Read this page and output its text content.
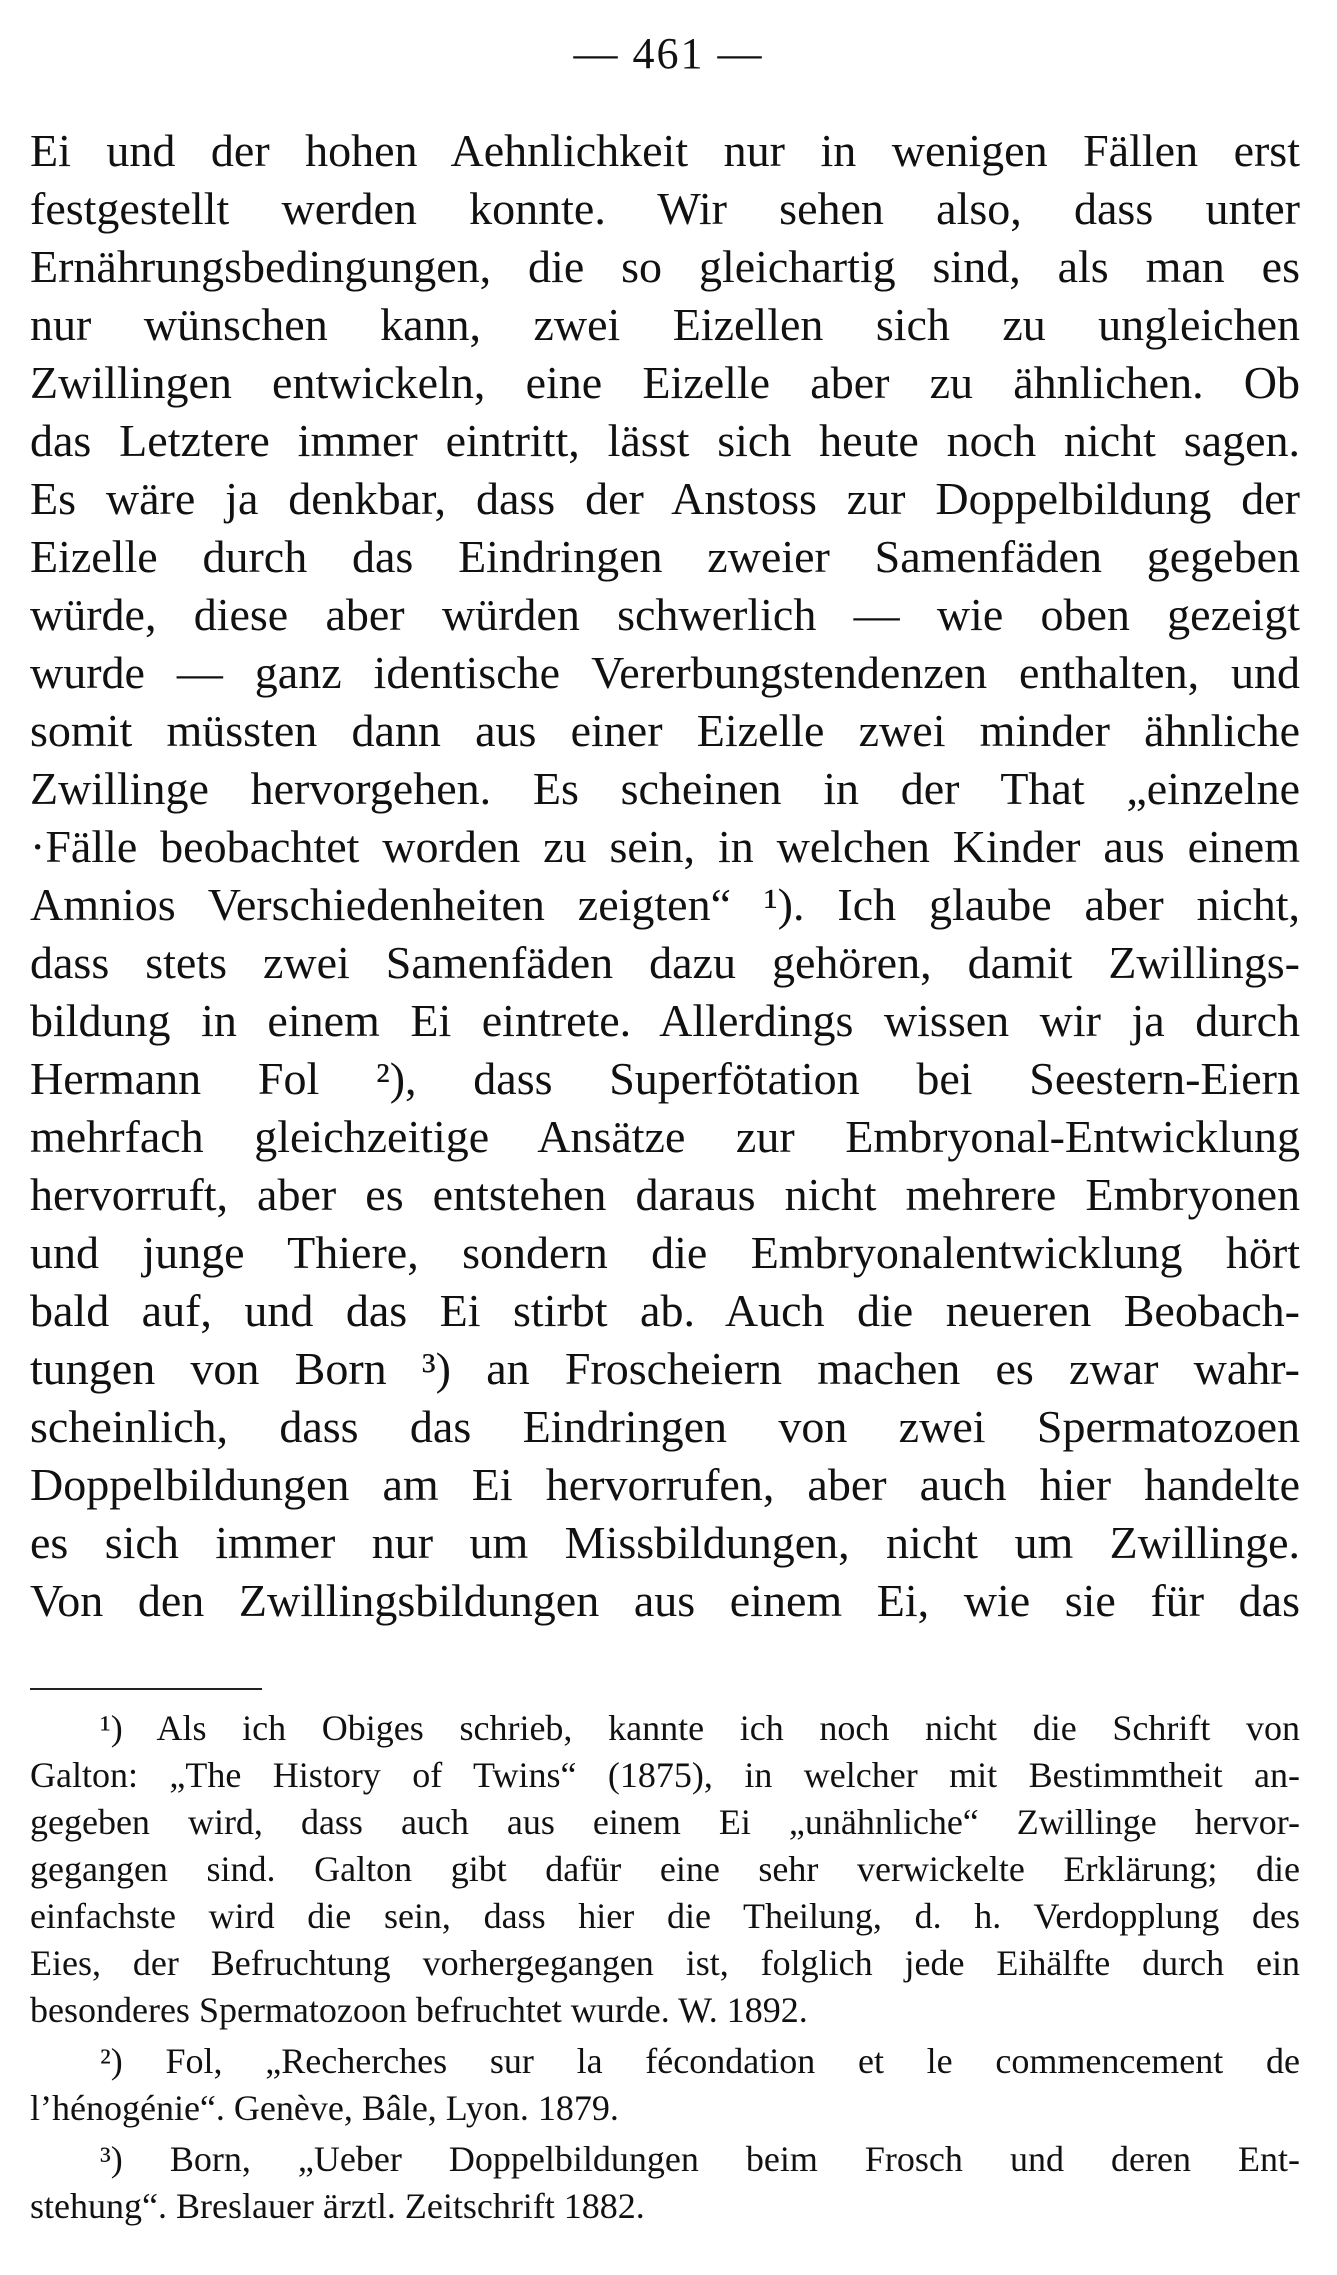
— 461 —
Ei und der hohen Aehnlichkeit nur in wenigen Fällen erst
festgestellt werden konnte. Wir sehen also, dass unter
Ernährungsbedingungen, die so gleichartig sind, als man es
nur wünschen kann, zwei Eizellen sich zu ungleichen
Zwillingen entwickeln, eine Eizelle aber zu ähnlichen. Ob
das Letztere immer eintritt, lässt sich heute noch nicht sagen.
Es wäre ja denkbar, dass der Anstoss zur Doppelbildung der
Eizelle durch das Eindringen zweier Samenfäden gegeben
würde, diese aber würden schwerlich — wie oben gezeigt
wurde — ganz identische Vererbungstendenzen enthalten, und
somit müssten dann aus einer Eizelle zwei minder ähnliche
Zwillinge hervorgehen. Es scheinen in der That „einzelne
·Fälle beobachtet worden zu sein, in welchen Kinder aus einem
Amnios Verschiedenheiten zeigten“ ¹). Ich glaube aber nicht,
dass stets zwei Samenfäden dazu gehören, damit Zwillings-
bildung in einem Ei eintrete. Allerdings wissen wir ja durch
Hermann Fol ²), dass Superfötation bei Seestern-Eiern
mehrfach gleichzeitige Ansätze zur Embryonal-Entwicklung
hervorruft, aber es entstehen daraus nicht mehrere Embryonen
und junge Thiere, sondern die Embryonalentwicklung hört
bald auf, und das Ei stirbt ab. Auch die neueren Beobach-
tungen von Born ³) an Froscheiern machen es zwar wahr-
scheinlich, dass das Eindringen von zwei Spermatozoen
Doppelbildungen am Ei hervorrufen, aber auch hier handelte
es sich immer nur um Missbildungen, nicht um Zwillinge.
Von den Zwillingsbildungen aus einem Ei, wie sie für das
¹) Als ich Obiges schrieb, kannte ich noch nicht die Schrift von
Galton: „The History of Twins“ (1875), in welcher mit Bestimmtheit an-
gegeben wird, dass auch aus einem Ei „unähnliche“ Zwillinge hervor-
gegangen sind. Galton gibt dafür eine sehr verwickelte Erklärung; die
einfachste wird die sein, dass hier die Theilung, d. h. Verdopplung des
Eies, der Befruchtung vorhergegangen ist, folglich jede Eihälfte durch ein
besonderes Spermatozoon befruchtet wurde. W. 1892.
²) Fol, „Recherches sur la fécondation et le commencement de
l’hénogénie“. Genève, Bâle, Lyon. 1879.
³) Born, „Ueber Doppelbildungen beim Frosch und deren Ent-
stehung“. Breslauer ärztl. Zeitschrift 1882.
